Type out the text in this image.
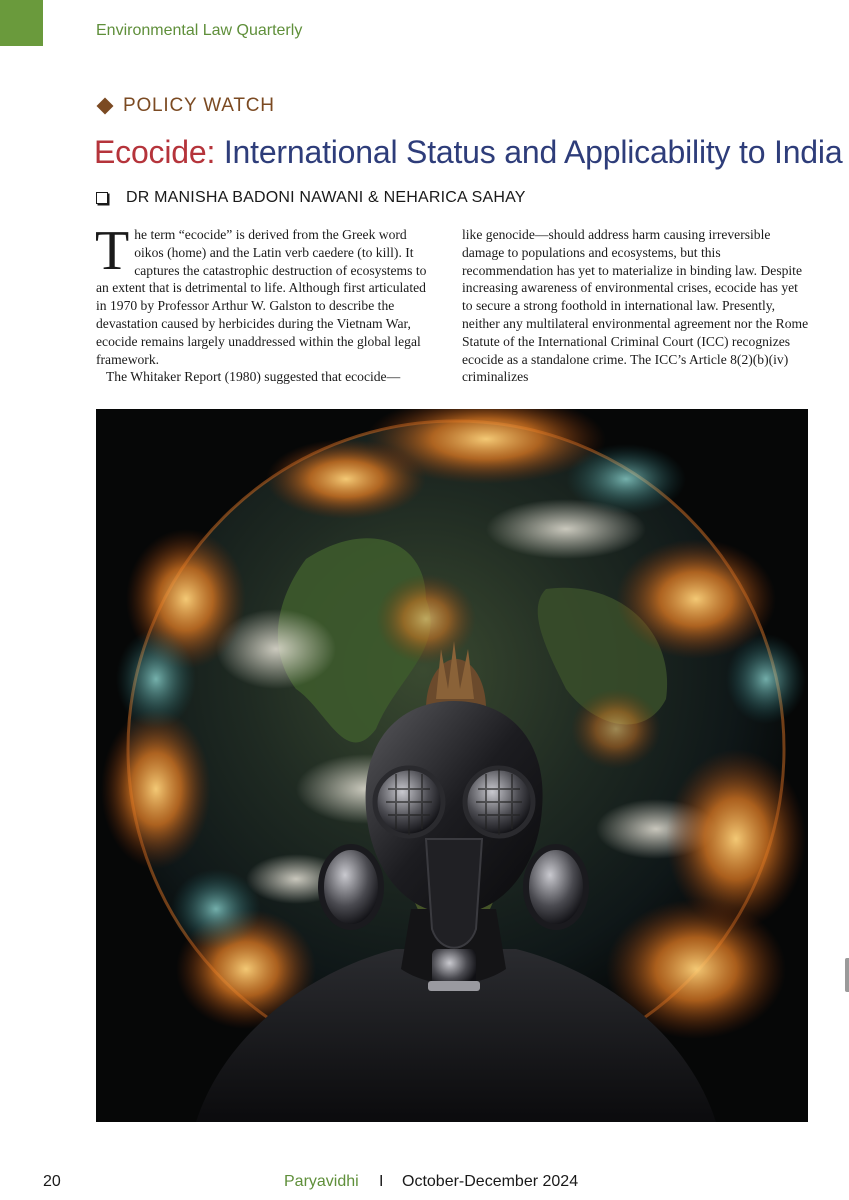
Environmental Law Quarterly
POLICY WATCH
Ecocide: International Status and Applicability to India
DR MANISHA BADONI NAWANI & NEHARICA SAHAY

The term “ecocide” is derived from the Greek word oikos (home) and the Latin verb caedere (to kill). It captures the catastrophic destruction of ecosystems to an extent that is detrimental to life. Although first articulated in 1970 by Professor Arthur W. Galston to describe the devastation caused by herbicides during the Vietnam War, ecocide remains largely unaddressed within the global legal framework.

The Whitaker Report (1980) suggested that ecocide—

like genocide—should address harm causing irreversible damage to populations and ecosystems, but this recommendation has yet to materialize in binding law. Despite increasing awareness of environmental crises, ecocide has yet to secure a strong foothold in international law. Presently, neither any multilateral environmental agreement nor the Rome Statute of the International Criminal Court (ICC) recognizes ecocide as a standalone crime. The ICC’s Article 8(2)(b)(iv) criminalizes

20	Paryavidhi I October-December 2024
